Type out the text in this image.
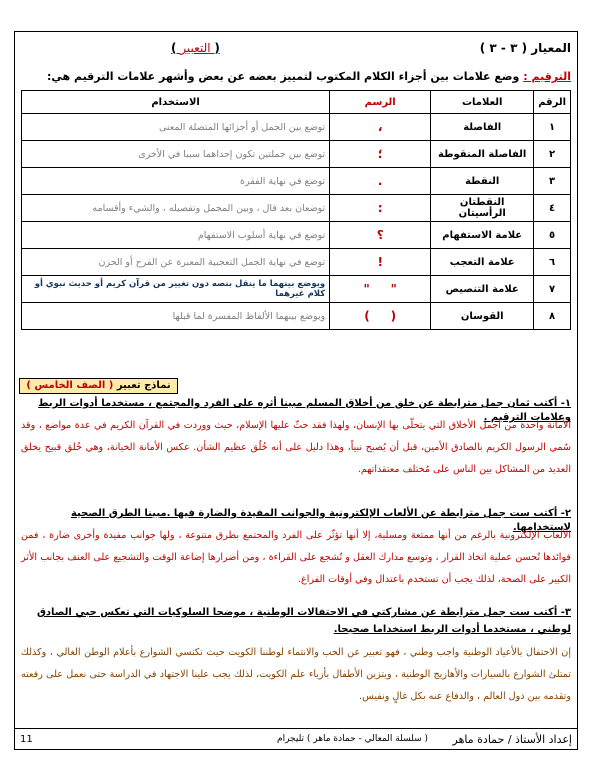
المعيار ( ٣ - ٣ )
( التعبير )
الترقيم : وضع علامات بين أجزاء الكلام المكتوب لتمييز بعضه عن بعض وأشهر علامات الترقيم هي:
الرقم	العلامات	الرسم	الاستخدام
١	الفاصلة	،	توضع بين الجمل أو أجزائها المتصلة المعنى
٢	الفاصلة المنقوطة	؛	توضع بين جملتين تكون إحداهما سببا في الأخرى
٣	النقطة	.	توضع في نهاية الفقرة
٤	النقطتان الرأسيتان	:	توضعان بعد قال ، وبين المجمل وتفصيله ، والشيء وأقسامه
٥	علامة الاستفهام	؟	توضع في نهاية أسلوب الاستفهام
٦	علامة التعجب	!	توضع في نهاية الجمل التعجبية المعبرة عن الفرح أو الحزن
٧	علامة التنصيص	"     "	ويوضع بينهما ما ينقل بنصه دون تغيير من قرآن كريم أو حديث نبوي أو كلام غيرهما
٨	القوسان	(     )	ويوضع بينهما الألفاظ المفسرة لما قبلها
نماذج تعبير ( الصف الخامس )
١- أكتب ثمان جمل مترابطة عن خلق من أخلاق المسلم مبينا أثره على الفرد والمجتمع ، مستخدما أدوات الربط وعلامات الترقيم .
الأمانة واحدة من أجمل الأخلاق التي يتحلّى بها الإنسان، ولهذا فقد حثّ عليها الإسلام، حيث ووردت في القرآن الكريم في عدة مواضع ، وقد سُمي الرسول الكريم بالصادق الأمين، قبل أن يُصبح نبياً، وهذا دليل على أنه خُلُق عظيم الشأن. عكس الأمانة الخيانة، وهي خُلق قبيح يخلق العديد من المشاكل بين الناس على مُختلف معتقداتهم.
٢- أكتب ست جمل مترابطة عن الألعاب الإلكترونية والجوانب المفيدة والضارة فيها .مبينا الطرق الصحية لاستخدامها.
الألعاب الإلكترونية بالرغم من أنها ممتعة ومسلية، إلا أنها تؤثّر على الفرد والمجتمع بطرق متنوعة ، ولها جوانب مفيدة وأخرى ضارة ، فمن فوائدها تُحسن عملية اتخاذ القرار ، وتوسع مدارك العقل و تُشجع على القراءة ، ومن أضرارها إضاعة الوقت والتشجيع على العنف بجانب الأثر الكبير على الصحة، لذلك يجب أن تستخدم باعتدال وفي أوقات الفراغ.
٣- أكتب ست جمل مترابطة عن مشاركتي في الاحتفالات الوطنية ، موضحا السلوكيات التي تعكس حبي الصادق لوطني ، مستخدما أدوات الربط استخداما صحيحا.
إن الاحتفال بالأعياد الوطنية واجب وطني ، فهو تعبير عن الحب والانتماء لوطننا الكويت حيث تكتسي الشوارع بأعلام الوطن الغالي ، وكذلك تمتلئ الشوارع بالسيارات والأهازيج الوطنية ، ويتزين الأطفال بأزياء علم الكويت، لذلك يجب علينا الاجتهاد في الدراسة حتى نعمل على رفعته وتقدمه بين دول العالم ، والدفاع عنه بكل غالٍ ونفيس.
إعداد الأستاذ / حمادة ماهر
( سلسلة المعالي - حمادة ماهر ) تليجرام
11
